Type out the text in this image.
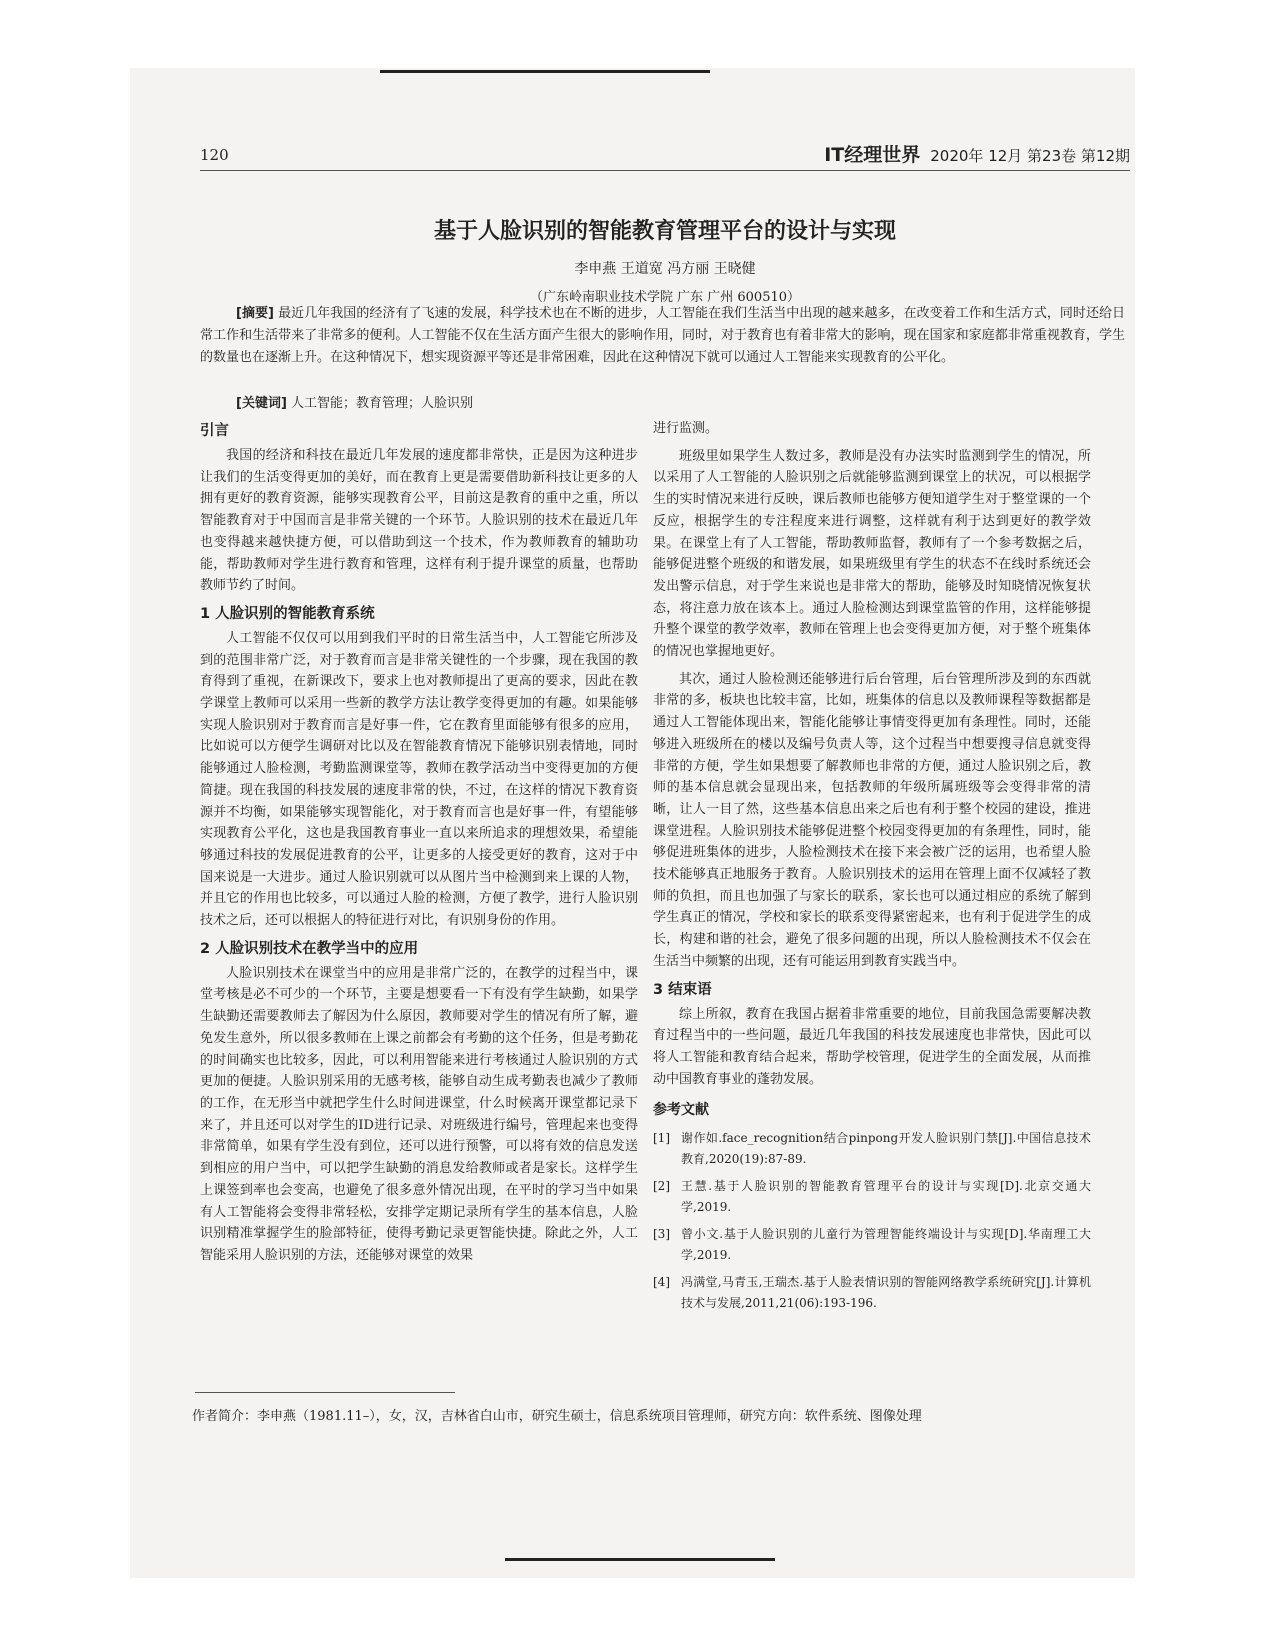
120	IT经理世界 2020年 12月 第23卷 第12期
基于人脸识别的智能教育管理平台的设计与实现
李申燕 王道宽 冯方丽 王晓健
（广东岭南职业技术学院 广东 广州 600510）
[摘要] 最近几年我国的经济有了飞速的发展，科学技术也在不断的进步，人工智能在我们生活当中出现的越来越多，在改变着工作和生活方式，同时还给日常工作和生活带来了非常多的便利。人工智能不仅在生活方面产生很大的影响作用，同时，对于教育也有着非常大的影响，现在国家和家庭都非常重视教育，学生的数量也在逐渐上升。在这种情况下，想实现资源平等还是非常困难，因此在这种情况下就可以通过人工智能来实现教育的公平化。
[关键词] 人工智能；教育管理；人脸识别
引言

我国的经济和科技在最近几年发展的速度都非常快，正是因为这种进步让我们的生活变得更加的美好，而在教育上更是需要借助新科技让更多的人拥有更好的教育资源，能够实现教育公平，目前这是教育的重中之重，所以智能教育对于中国而言是非常关键的一个环节。人脸识别的技术在最近几年也变得越来越快捷方便，可以借助到这一个技术，作为教师教育的辅助功能，帮助教师对学生进行教育和管理，这样有利于提升课堂的质量，也帮助教师节约了时间。

1 人脸识别的智能教育系统

人工智能不仅仅可以用到我们平时的日常生活当中，人工智能它所涉及到的范围非常广泛，对于教育而言是非常关键性的一个步骤，现在我国的教育得到了重视，在新课改下，要求上也对教师提出了更高的要求，因此在教学课堂上教师可以采用一些新的教学方法让教学变得更加的有趣。如果能够实现人脸识别对于教育而言是好事一件，它在教育里面能够有很多的应用，比如说可以方便学生调研对比以及在智能教育情况下能够识别表情地，同时能够通过人脸检测，考勤监测课堂等，教师在教学活动当中变得更加的方便简捷。现在我国的科技发展的速度非常的快，不过，在这样的情况下教育资源并不均衡，如果能够实现智能化，对于教育而言也是好事一件，有望能够实现教育公平化，这也是我国教育事业一直以来所追求的理想效果，希望能够通过科技的发展促进教育的公平，让更多的人接受更好的教育，这对于中国来说是一大进步。通过人脸识别就可以从图片当中检测到来上课的人物，并且它的作用也比较多，可以通过人脸的检测，方便了教学，进行人脸识别技术之后，还可以根据人的特征进行对比，有识别身份的作用。

2 人脸识别技术在教学当中的应用

人脸识别技术在课堂当中的应用是非常广泛的，在教学的过程当中，课堂考核是必不可少的一个环节，主要是想要看一下有没有学生缺勤，如果学生缺勤还需要教师去了解因为什么原因，教师要对学生的情况有所了解，避免发生意外，所以很多教师在上课之前都会有考勤的这个任务，但是考勤花的时间确实也比较多，因此，可以利用智能来进行考核通过人脸识别的方式更加的便捷。人脸识别采用的无感考核，能够自动生成考勤表也减少了教师的工作，在无形当中就把学生什么时间进课堂，什么时候离开课堂都记录下来了，并且还可以对学生的ID进行记录、对班级进行编号，管理起来也变得非常简单，如果有学生没有到位，还可以进行预警，可以将有效的信息发送到相应的用户当中，可以把学生缺勤的消息发给教师或者是家长。这样学生上课签到率也会变高，也避免了很多意外情况出现，在平时的学习当中如果有人工智能将会变得非常轻松，安排学定期记录所有学生的基本信息，人脸识别精准掌握学生的脸部特征，使得考勤记录更智能快捷。除此之外，人工智能采用人脸识别的方法，还能够对课堂的效果

进行监测。

班级里如果学生人数过多，教师是没有办法实时监测到学生的情况，所以采用了人工智能的人脸识别之后就能够监测到课堂上的状况，可以根据学生的实时情况来进行反映，课后教师也能够方便知道学生对于整堂课的一个反应，根据学生的专注程度来进行调整，这样就有利于达到更好的教学效果。在课堂上有了人工智能，帮助教师监督，教师有了一个参考数据之后，能够促进整个班级的和谐发展，如果班级里有学生的状态不在线时系统还会发出警示信息，对于学生来说也是非常大的帮助，能够及时知晓情况恢复状态，将注意力放在该本上。通过人脸检测达到课堂监管的作用，这样能够提升整个课堂的教学效率，教师在管理上也会变得更加方便，对于整个班集体的情况也掌握地更好。

其次，通过人脸检测还能够进行后台管理，后台管理所涉及到的东西就非常的多，板块也比较丰富，比如，班集体的信息以及教师课程等数据都是通过人工智能体现出来，智能化能够让事情变得更加有条理性。同时，还能够进入班级所在的楼以及编号负责人等，这个过程当中想要搜寻信息就变得非常的方便，学生如果想要了解教师也非常的方便，通过人脸识别之后，教师的基本信息就会显现出来，包括教师的年级所属班级等会变得非常的清晰，让人一目了然，这些基本信息出来之后也有利于整个校园的建设，推进课堂进程。人脸识别技术能够促进整个校园变得更加的有条理性，同时，能够促进班集体的进步，人脸检测技术在接下来会被广泛的运用，也希望人脸技术能够真正地服务于教育。人脸识别技术的运用在管理上面不仅减轻了教师的负担，而且也加强了与家长的联系，家长也可以通过相应的系统了解到学生真正的情况，学校和家长的联系变得紧密起来，也有利于促进学生的成长，构建和谐的社会，避免了很多问题的出现，所以人脸检测技术不仅会在生活当中频繁的出现，还有可能运用到教育实践当中。

3 结束语

综上所叙，教育在我国占据着非常重要的地位，目前我国急需要解决教育过程当中的一些问题，最近几年我国的科技发展速度也非常快，因此可以将人工智能和教育结合起来，帮助学校管理，促进学生的全面发展，从而推动中国教育事业的蓬勃发展。

参考文献
[1] 谢作如.face_recognition结合pinpong开发人脸识别门禁[J].中国信息技术教育,2020(19):87-89.
[2] 王慧.基于人脸识别的智能教育管理平台的设计与实现[D].北京交通大学,2019.
[3] 曾小文.基于人脸识别的儿童行为管理智能终端设计与实现[D].华南理工大学,2019.
[4] 冯满堂,马青玉,王瑞杰.基于人脸表情识别的智能网络教学系统研究[J].计算机技术与发展,2011,21(06):193-196.
作者简介：李申燕（1981.11–），女，汉，吉林省白山市，研究生硕士，信息系统项目管理师，研究方向：软件系统、图像处理
